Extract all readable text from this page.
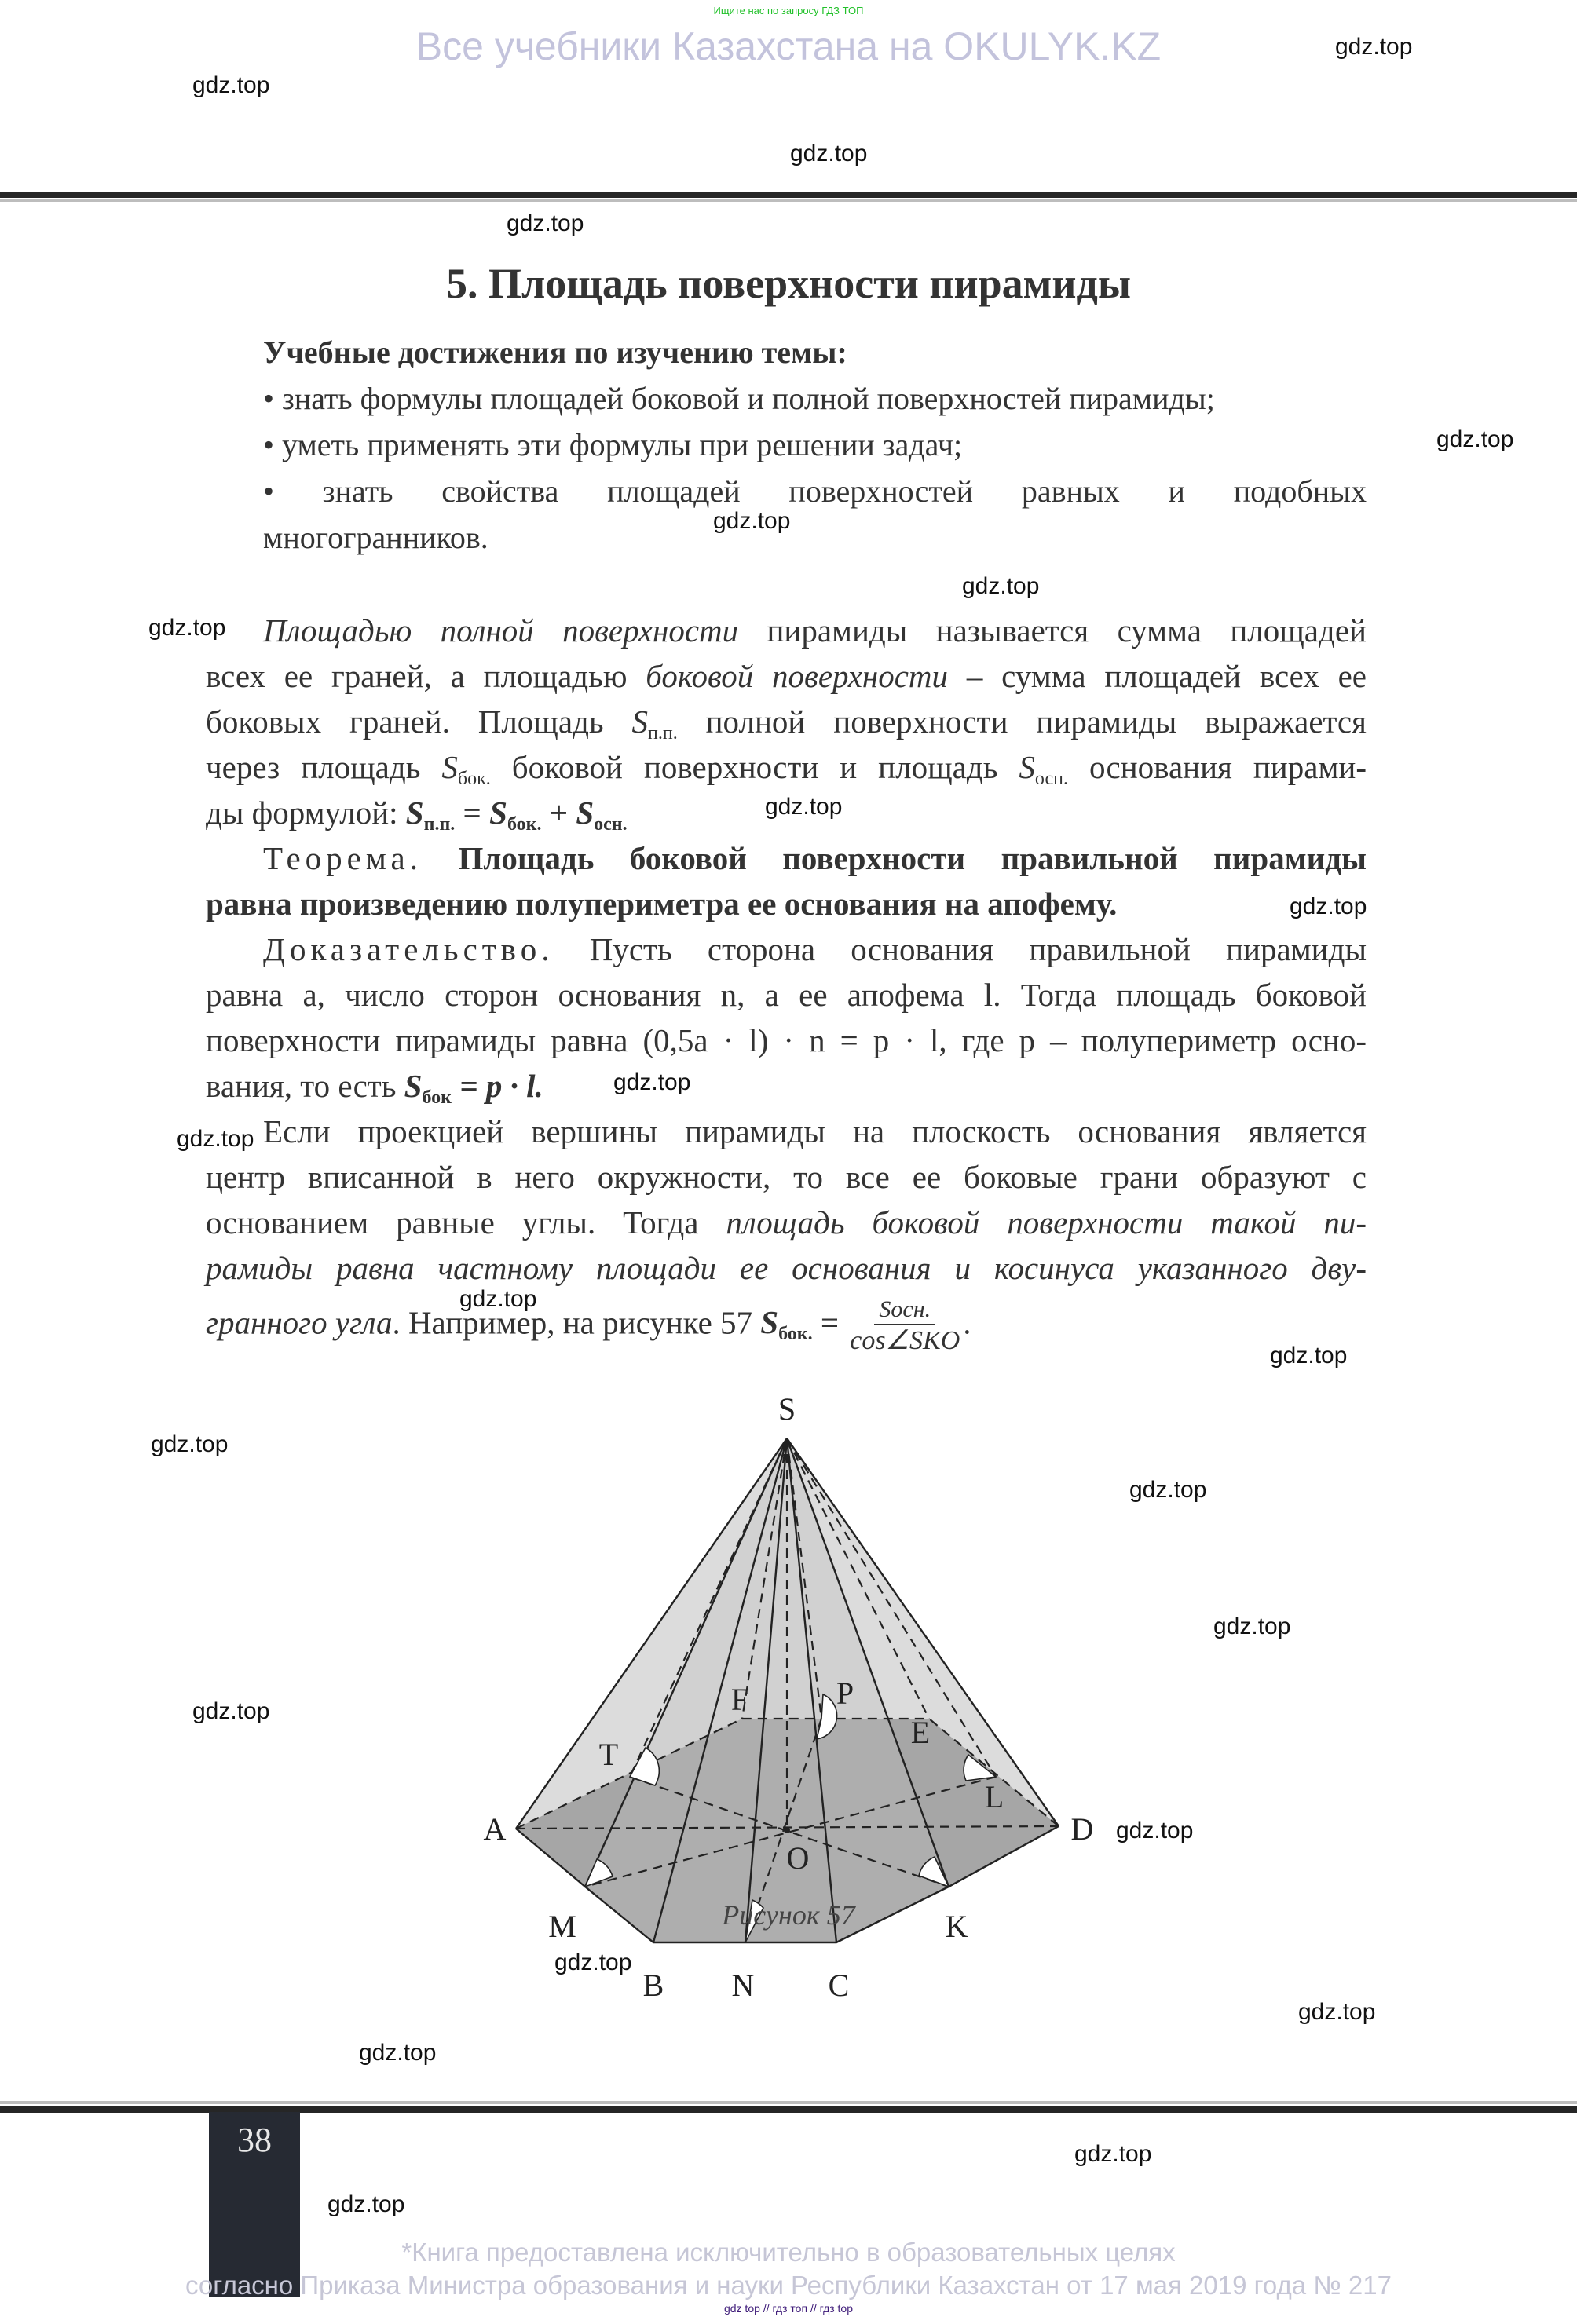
Ищите нас по запросу ГДЗ ТОП
Все учебники Казахстана на OKULYK.KZ
5. Площадь поверхности пирамиды
Учебные достижения по изучению темы:
• знать формулы площадей боковой и полной поверхностей пирамиды;
• уметь применять эти формулы при решении задач;
• знать свойства площадей поверхностей равных и подобных
многогранников.
Площадью полной поверхности пирамиды называется сумма площадей
всех ее граней, а площадью боковой поверхности – сумма площадей всех ее
боковых граней. Площадь $S_{п.п.}$ полной поверхности пирамиды выражается
через площадь $S_{бок.}$ боковой поверхности и площадь $S_{осн.}$ основания пирами-
ды формулой: $S_{п.п.} = S_{бок.} + S_{осн.}$
Теорема. Площадь боковой поверхности правильной пирамиды
равна произведению полупериметра ее основания на апофему.
Доказательство. Пусть сторона основания правильной пирамиды
равна a, число сторон основания n, а ее апофема l. Тогда площадь боковой
поверхности пирамиды равна (0,5a · l) · n = p · l, где p – полупериметр осно-
вания, то есть $S_{бок} = p \cdot l$.
Если проекцией вершины пирамиды на плоскость основания является
центр вписанной в него окружности, то все ее боковые грани образуют с
основанием равные углы. Тогда площадь боковой поверхности такой пи-
рамиды равна частному площади ее основания и косинуса указанного дву-
гранного угла. Например, на рисунке 57 $S_{бок.} = \frac{\text{Sосн.}}{\text{cos∠SKO}}$ .
S
A	D
M
B N C
K
F
E
T
L
P
O
Рисунок 57
38
*Книга предоставлена исключительно в образовательных целях
согласно Приказа Министра образования и науки Республики Казахстан от 17 мая 2019 года № 217
gdz top // гдз топ // гдз top
gdz.top
gdz.top
gdz.top
gdz.top
gdz.top
gdz.top
gdz.top
gdz.top
gdz.top
gdz.top
gdz.top
gdz.top
gdz.top
gdz.top
gdz.top
gdz.top
gdz.top
gdz.top
gdz.top
gdz.top
gdz.top
gdz.top
gdz.top
gdz.top
